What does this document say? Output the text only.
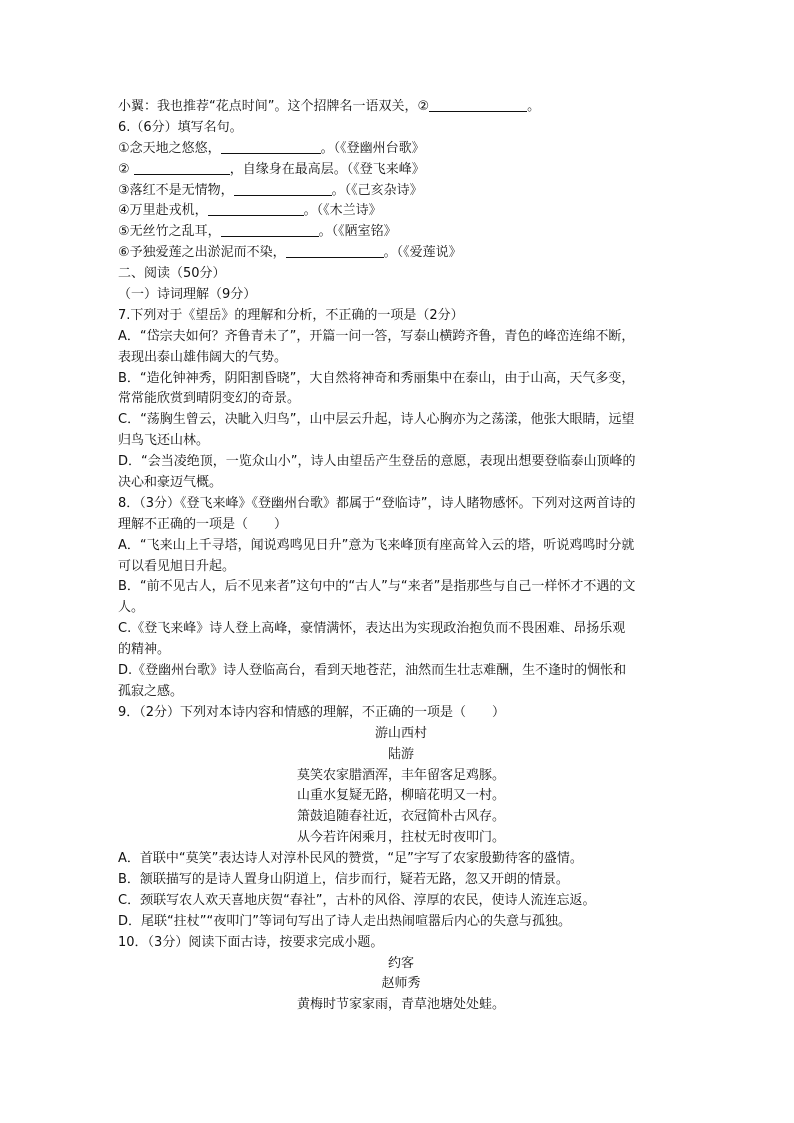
小翼：我也推荐“花点时间”。这个招牌名一语双关，②	。
6.（6分）填写名句。
①念天地之悠悠，	。（《登幽州台歌》
②	，自缘身在最高层。（《登飞来峰》
③落红不是无情物，	。（《己亥杂诗》
④万里赴戎机，	。（《木兰诗》
⑤无丝竹之乱耳，	。（《陋室铭》
⑥予独爱莲之出淤泥而不染，	。（《爱莲说》
二、阅读（50分）
（一）诗词理解（9分）
7.下列对于《望岳》的理解和分析，不正确的一项是（2分）
A．“岱宗夫如何？齐鲁青未了”，开篇一问一答，写泰山横跨齐鲁，青色的峰峦连绵不断，
表现出泰山雄伟阔大的气势。
B．“造化钟神秀，阴阳割昏晓”，大自然将神奇和秀丽集中在泰山，由于山高，天气多变，
常常能欣赏到晴阴变幻的奇景。
C．“荡胸生曾云，决眦入归鸟”，山中层云升起，诗人心胸亦为之荡漾，他张大眼睛，远望
归鸟飞还山林。
D．“会当凌绝顶，一览众山小”，诗人由望岳产生登岳的意愿，表现出想要登临泰山顶峰的
决心和豪迈气概。
8．（3分）《登飞来峰》《登幽州台歌》都属于“登临诗”，诗人睹物感怀。下列对这两首诗的
理解不正确的一项是（　　）
A．“飞来山上千寻塔，闻说鸡鸣见日升”意为飞来峰顶有座高耸入云的塔，听说鸡鸣时分就
可以看见旭日升起。
B．“前不见古人，后不见来者”这句中的“古人”与“来者”是指那些与自己一样怀才不遇的文
人。
C.《登飞来峰》诗人登上高峰，豪情满怀，表达出为实现政治抱负而不畏困难、昂扬乐观
的精神。
D.《登幽州台歌》诗人登临高台，看到天地苍茫，油然而生壮志难酬，生不逢时的惆怅和
孤寂之感。
9．（2分）下列对本诗内容和情感的理解，不正确的一项是（　　）
游山西村
陆游
莫笑农家腊酒浑，丰年留客足鸡豚。
山重水复疑无路，柳暗花明又一村。
箫鼓追随春社近，衣冠简朴古风存。
从今若许闲乘月，拄杖无时夜叩门。
A．首联中“莫笑”表达诗人对淳朴民风的赞赏，“足”字写了农家殷勤待客的盛情。
B．颔联描写的是诗人置身山阴道上，信步而行，疑若无路，忽又开朗的情景。
C．颈联写农人欢天喜地庆贺“春社”，古朴的风俗、淳厚的农民，使诗人流连忘返。
D．尾联“拄杖”“夜叩门”等词句写出了诗人走出热闹喧嚣后内心的失意与孤独。
10．（3分）阅读下面古诗，按要求完成小题。
约客
赵师秀
黄梅时节家家雨，青草池塘处处蛙。
